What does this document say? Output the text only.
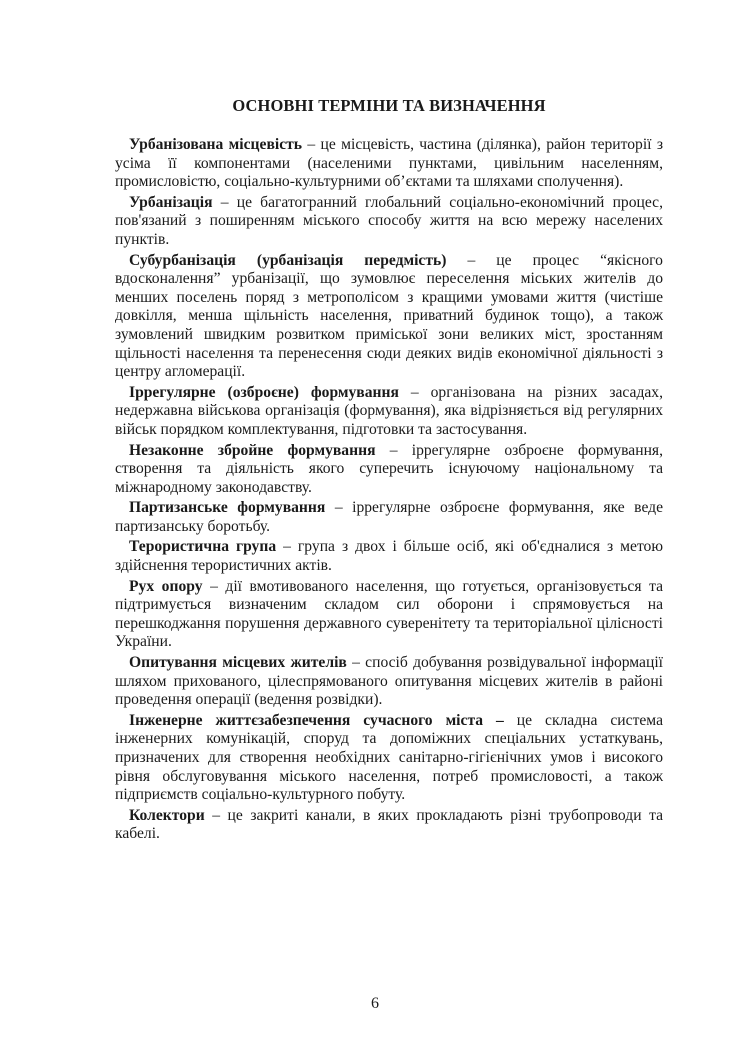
ОСНОВНІ ТЕРМІНИ ТА ВИЗНАЧЕННЯ

Урбанізована місцевість – це місцевість, частина (ділянка), район території з усіма її компонентами (населеними пунктами, цивільним населенням, промисловістю, соціально-культурними об’єктами та шляхами сполучення).

Урбанізація – це багатогранний глобальний соціально-економічний процес, пов'язаний з поширенням міського способу життя на всю мережу населених пунктів.

Субурбанізація (урбанізація передмість) – це процес “якісного вдосконалення” урбанізації, що зумовлює переселення міських жителів до менших поселень поряд з метрополісом з кращими умовами життя (чистіше довкілля, менша щільність населення, приватний будинок тощо), а також зумовлений швидким розвитком приміської зони великих міст, зростанням щільності населення та перенесення сюди деяких видів економічної діяльності з центру агломерації.

Іррегулярне (озброєне) формування – організована на різних засадах, недержавна військова організація (формування), яка відрізняється від регулярних військ порядком комплектування, підготовки та застосування.

Незаконне збройне формування – іррегулярне озброєне формування, створення та діяльність якого суперечить існуючому національному та міжнародному законодавству.

Партизанське формування – іррегулярне озброєне формування, яке веде партизанську боротьбу.

Терористична група – група з двох і більше осіб, які об'єдналися з метою здійснення терористичних актів.

Рух опору – дії вмотивованого населення, що готується, організовується та підтримується визначеним складом сил оборони і спрямовується на перешкоджання порушення державного суверенітету та територіальної цілісності України.

Опитування місцевих жителів – спосіб добування розвідувальної інформації шляхом прихованого, цілеспрямованого опитування місцевих жителів в районі проведення операції (ведення розвідки).

Інженерне життєзабезпечення сучасного міста – це складна система інженерних комунікацій, споруд та допоміжних спеціальних устаткувань, призначених для створення необхідних санітарно-гігієнічних умов і високого рівня обслуговування міського населення, потреб промисловості, а також підприємств соціально-культурного побуту.

Колектори – це закриті канали, в яких прокладають різні трубопроводи та кабелі.

6
